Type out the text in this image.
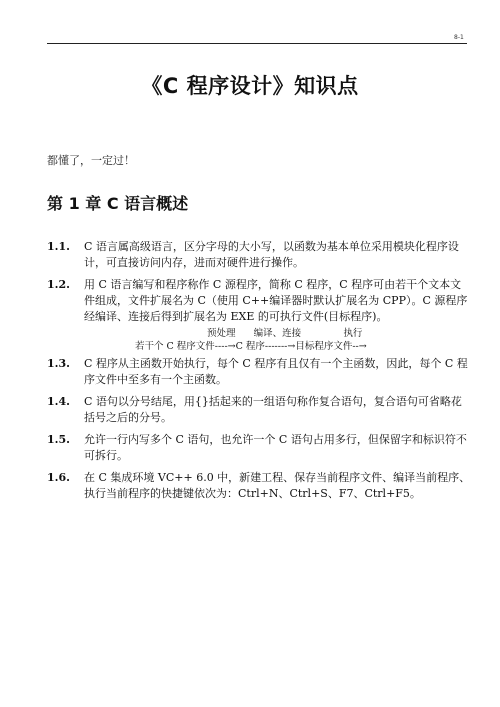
8-1
《C 程序设计》知识点
都懂了，一定过！
第 1 章 C 语言概述
1.1.	C 语言属高级语言，区分字母的大小写，以函数为基本单位采用模块化程序设计，可直接访问内存，进而对硬件进行操作。
1.2.	用 C 语言编写和程序称作 C 源程序，简称 C 程序，C 程序可由若干个文本文件组成，文件扩展名为 C（使用 C++编译器时默认扩展名为 CPP）。C 源程序经编译、连接后得到扩展名为 EXE 的可执行文件(目标程序)。
预处理      编译、连接              执行
若干个 C 程序文件----→C 程序-------→目标程序文件--→
1.3.	C 程序从主函数开始执行，每个 C 程序有且仅有一个主函数，因此，每个 C 程序文件中至多有一个主函数。
1.4.	C 语句以分号结尾，用{}括起来的一组语句称作复合语句，复合语句可省略花括号之后的分号。
1.5.	允许一行内写多个 C 语句，也允许一个 C 语句占用多行，但保留字和标识符不可拆行。
1.6.	在 C 集成环境 VC++ 6.0 中，新建工程、保存当前程序文件、编译当前程序、执行当前程序的快捷键依次为：Ctrl+N、Ctrl+S、F7、Ctrl+F5。
